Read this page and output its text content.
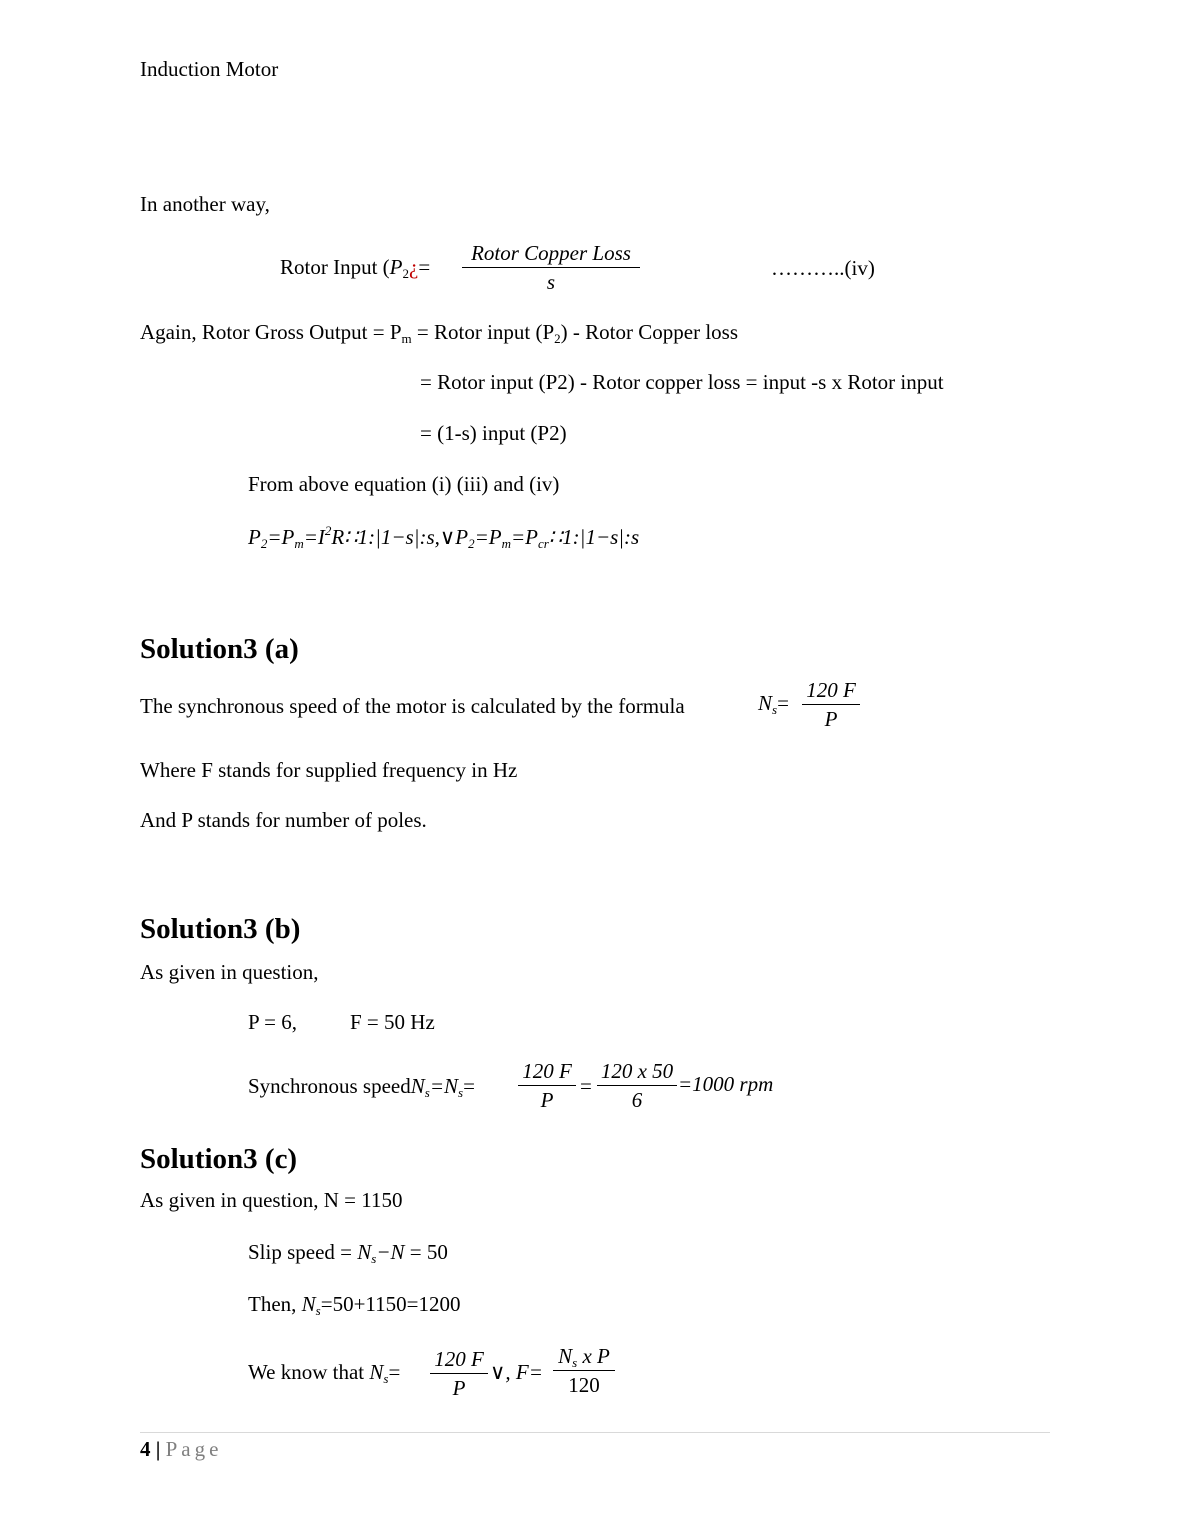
Induction Motor
In another way,
Rotor Input ($P_2¿=$
Rotor Copper Loss
s
………..(iv)
Again, Rotor Gross Output = $P_m$ = Rotor input $(P_2)$ - Rotor Copper loss
= Rotor input (P2) - Rotor copper loss = input -s x Rotor input
= (1-s) input (P2)
From above equation (i) (iii) and (iv)
$P_2=P_m=I^2R∷1:|1-s|:s,\vee P_2=P_m=P_{cr}∷1:|1-s|:s$
Solution3 (a)
The synchronous speed of the motor is calculated by the formula	$N_s=$
120 F
P
Where F stands for supplied frequency in Hz
And P stands for number of poles.
Solution3 (b)
As given in question,
P = 6,	F = 50 Hz
Synchronous $speedN_s=N_s=$
120 F
P
=
120 x 50
6
=1000 rpm
Solution3 (c)
As given in question, N = 1150
Slip speed = $N_s-N = 50$
Then, $N_s=50+1150=1200$
We know that $N_s=$
120 F
P
∨, F=
$N_s$ x P
120
4 | Page
